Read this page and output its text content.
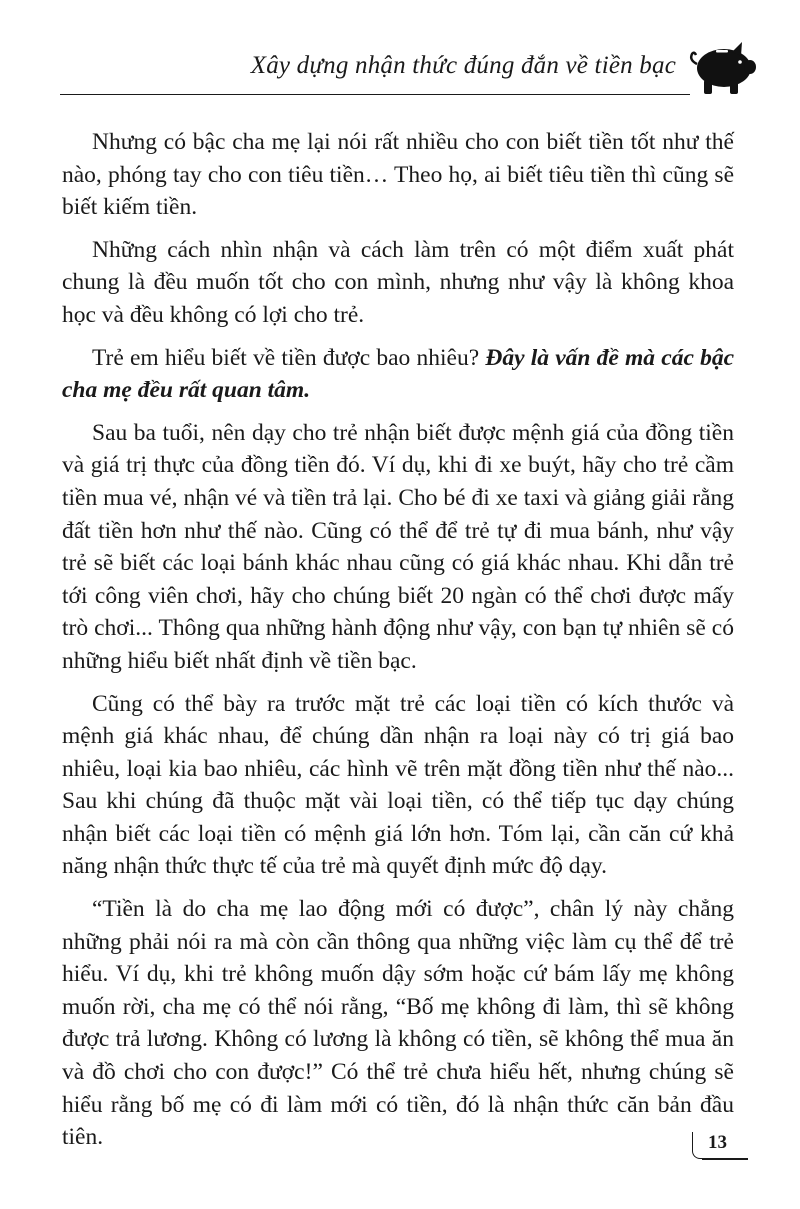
Xây dựng nhận thức đúng đắn về tiền bạc

Nhưng có bậc cha mẹ lại nói rất nhiều cho con biết tiền tốt như thế nào, phóng tay cho con tiêu tiền… Theo họ, ai biết tiêu tiền thì cũng sẽ biết kiếm tiền.

Những cách nhìn nhận và cách làm trên có một điểm xuất phát chung là đều muốn tốt cho con mình, nhưng như vậy là không khoa học và đều không có lợi cho trẻ.

Trẻ em hiểu biết về tiền được bao nhiêu? Đây là vấn đề mà các bậc cha mẹ đều rất quan tâm.

Sau ba tuổi, nên dạy cho trẻ nhận biết được mệnh giá của đồng tiền và giá trị thực của đồng tiền đó. Ví dụ, khi đi xe buýt, hãy cho trẻ cầm tiền mua vé, nhận vé và tiền trả lại. Cho bé đi xe taxi và giảng giải rằng đất tiền hơn như thế nào. Cũng có thể để trẻ tự đi mua bánh, như vậy trẻ sẽ biết các loại bánh khác nhau cũng có giá khác nhau. Khi dẫn trẻ tới công viên chơi, hãy cho chúng biết 20 ngàn có thể chơi được mấy trò chơi... Thông qua những hành động như vậy, con bạn tự nhiên sẽ có những hiểu biết nhất định về tiền bạc.

Cũng có thể bày ra trước mặt trẻ các loại tiền có kích thước và mệnh giá khác nhau, để chúng dần nhận ra loại này có trị giá bao nhiêu, loại kia bao nhiêu, các hình vẽ trên mặt đồng tiền như thế nào... Sau khi chúng đã thuộc mặt vài loại tiền, có thể tiếp tục dạy chúng nhận biết các loại tiền có mệnh giá lớn hơn. Tóm lại, cần căn cứ khả năng nhận thức thực tế của trẻ mà quyết định mức độ dạy.

“Tiền là do cha mẹ lao động mới có được”, chân lý này chẳng những phải nói ra mà còn cần thông qua những việc làm cụ thể để trẻ hiểu. Ví dụ, khi trẻ không muốn dậy sớm hoặc cứ bám lấy mẹ không muốn rời, cha mẹ có thể nói rằng, “Bố mẹ không đi làm, thì sẽ không được trả lương. Không có lương là không có tiền, sẽ không thể mua ăn và đồ chơi cho con được!” Có thể trẻ chưa hiểu hết, nhưng chúng sẽ hiểu rằng bố mẹ có đi làm mới có tiền, đó là nhận thức căn bản đầu tiên.	13
